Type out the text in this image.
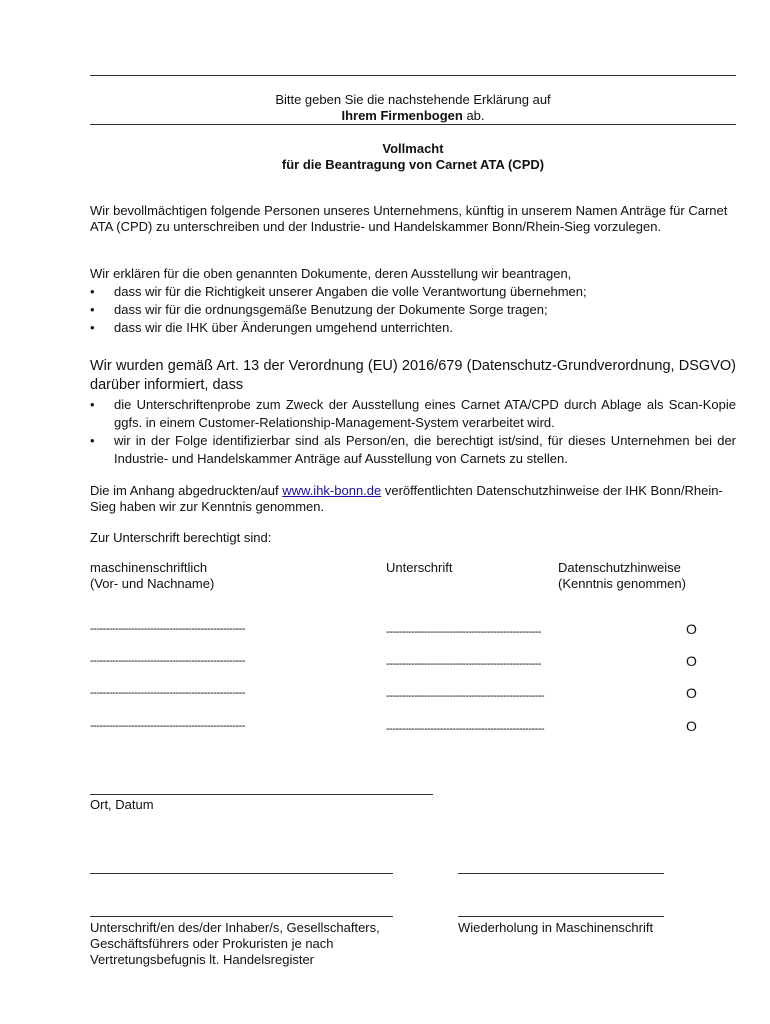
Bitte geben Sie die nachstehende Erklärung auf
Ihrem Firmenbogen ab.
Vollmacht
für die Beantragung von Carnet ATA (CPD)

Wir bevollmächtigen folgende Personen unseres Unternehmens, künftig in unserem Namen Anträge für Carnet ATA (CPD) zu unterschreiben und der Industrie- und Handelskammer Bonn/Rhein-Sieg vorzulegen.

Wir erklären für die oben genannten Dokumente, deren Ausstellung wir beantragen,

• dass wir für die Richtigkeit unserer Angaben die volle Verantwortung übernehmen;
• dass wir für die ordnungsgemäße Benutzung der Dokumente Sorge tragen;
• dass wir die IHK über Änderungen umgehend unterrichten.

Wir wurden gemäß Art. 13 der Verordnung (EU) 2016/679 (Datenschutz-Grundverordnung, DSGVO) darüber informiert, dass

• die Unterschriftenprobe zum Zweck der Ausstellung eines Carnet ATA/CPD durch Ablage als Scan-Kopie ggfs. in einem Customer-Relationship-Management-System verarbeitet wird.
• wir in der Folge identifizierbar sind als Person/en, die berechtigt ist/sind, für dieses Unternehmen bei der Industrie- und Handelskammer Anträge auf Ausstellung von Carnets zu stellen.

Die im Anhang abgedruckten/auf www.ihk-bonn.de veröffentlichten Datenschutzhinweise der IHK Bonn/Rhein-Sieg haben wir zur Kenntnis genommen.

Zur Unterschrift berechtigt sind:

maschinenschriftlich
(Vor- und Nachname)
Unterschrift	Datenschutzhinweise
(Kenntnis genommen)
-------------------------------------------------	-------------------------------------------------	O
-------------------------------------------------	-------------------------------------------------	O
-------------------------------------------------	--------------------------------------------------	O
-------------------------------------------------	--------------------------------------------------	O
Ort, Datum

Unterschrift/en des/der Inhaber/s, Gesellschafters, Geschäftsführers oder Prokuristen je nach Vertretungsbefugnis lt. Handelsregister

Wiederholung in Maschinenschrift
